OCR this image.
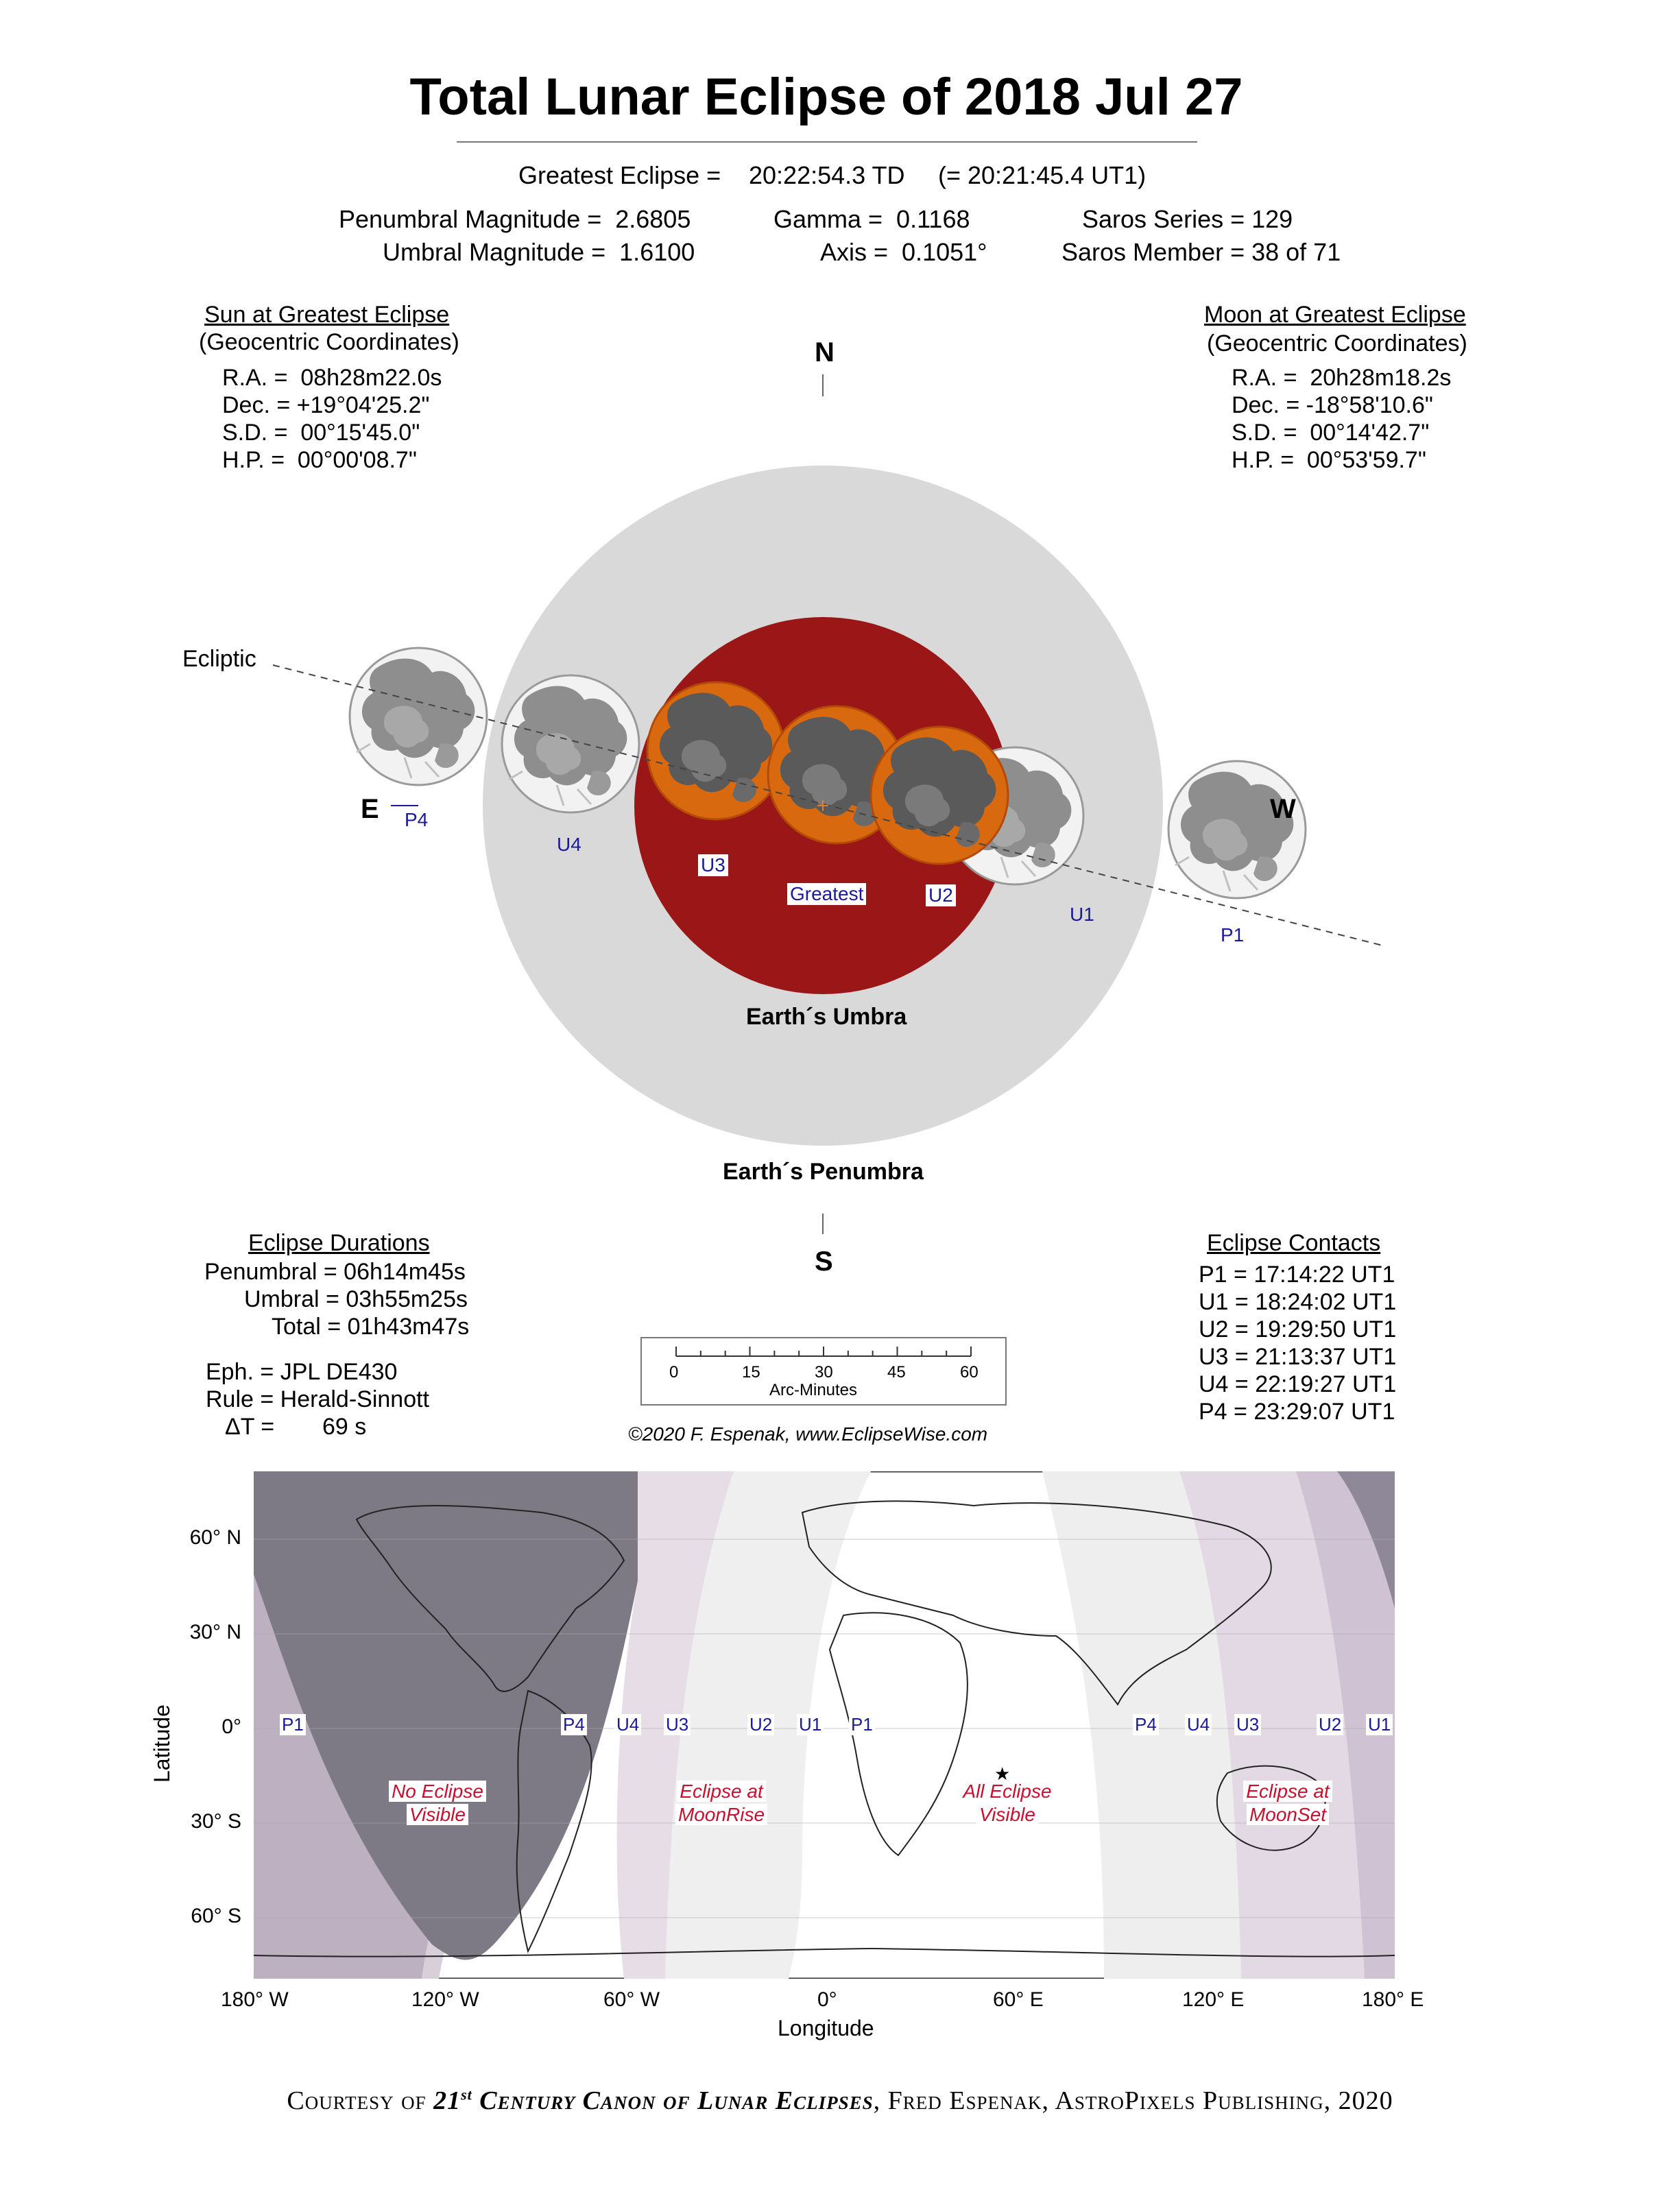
Total Lunar Eclipse of 2018 Jul 27
Greatest Eclipse = 20:22:54.3 TD (= 20:21:45.4 UT1)
Penumbral Magnitude =  2.6805
Umbral Magnitude =  1.6100
Gamma =  0.1168
Axis =  0.1051°
Saros Series = 129
Saros Member = 38 of 71
Sun at Greatest Eclipse
(Geocentric Coordinates)
R.A. =  08h28m22.0s
Dec. = +19°04'25.2"
S.D. =  00°15'45.0"
H.P. =  00°00'08.7"
Moon at Greatest Eclipse
(Geocentric Coordinates)
R.A. =  20h28m18.2s
Dec. = -18°58'10.6"
S.D. =  00°14'42.7"
H.P. =  00°53'59.7"
Ecliptic
N
E	W
S
Earth´s Umbra
Earth´s Penumbra
P4
U4
U3
Greatest	U2
U1
P1
Eclipse Durations
Penumbral = 06h14m45s
Umbral = 03h55m25s
Total = 01h43m47s
Eph. = JPL DE430
Rule = Herald-Sinnott
ΔT = 69 s
0	15	30	45	60
Arc-Minutes
©2020 F. Espenak, www.EclipseWise.com
Eclipse Contacts
P1 = 17:14:22 UT1
U1 = 18:24:02 UT1
U2 = 19:29:50 UT1
U3 = 21:13:37 UT1
U4 = 22:19:27 UT1
P4 = 23:29:07 UT1
60° N
30° N
0°
30° S
60° S
Latitude
180° W	120° W	60° W	0°	60° E	120° E	180° E
Longitude
P1	P4 U4 U3	U2 U1 P1	P4 U4 U3	U2 U1
No Eclipse
Visible
Eclipse at
MoonRise
All Eclipse
Visible
Eclipse at
MoonSet
★
Courtesy of 21st Century Canon of Lunar Eclipses, Fred Espenak, AstroPixels Publishing, 2020
